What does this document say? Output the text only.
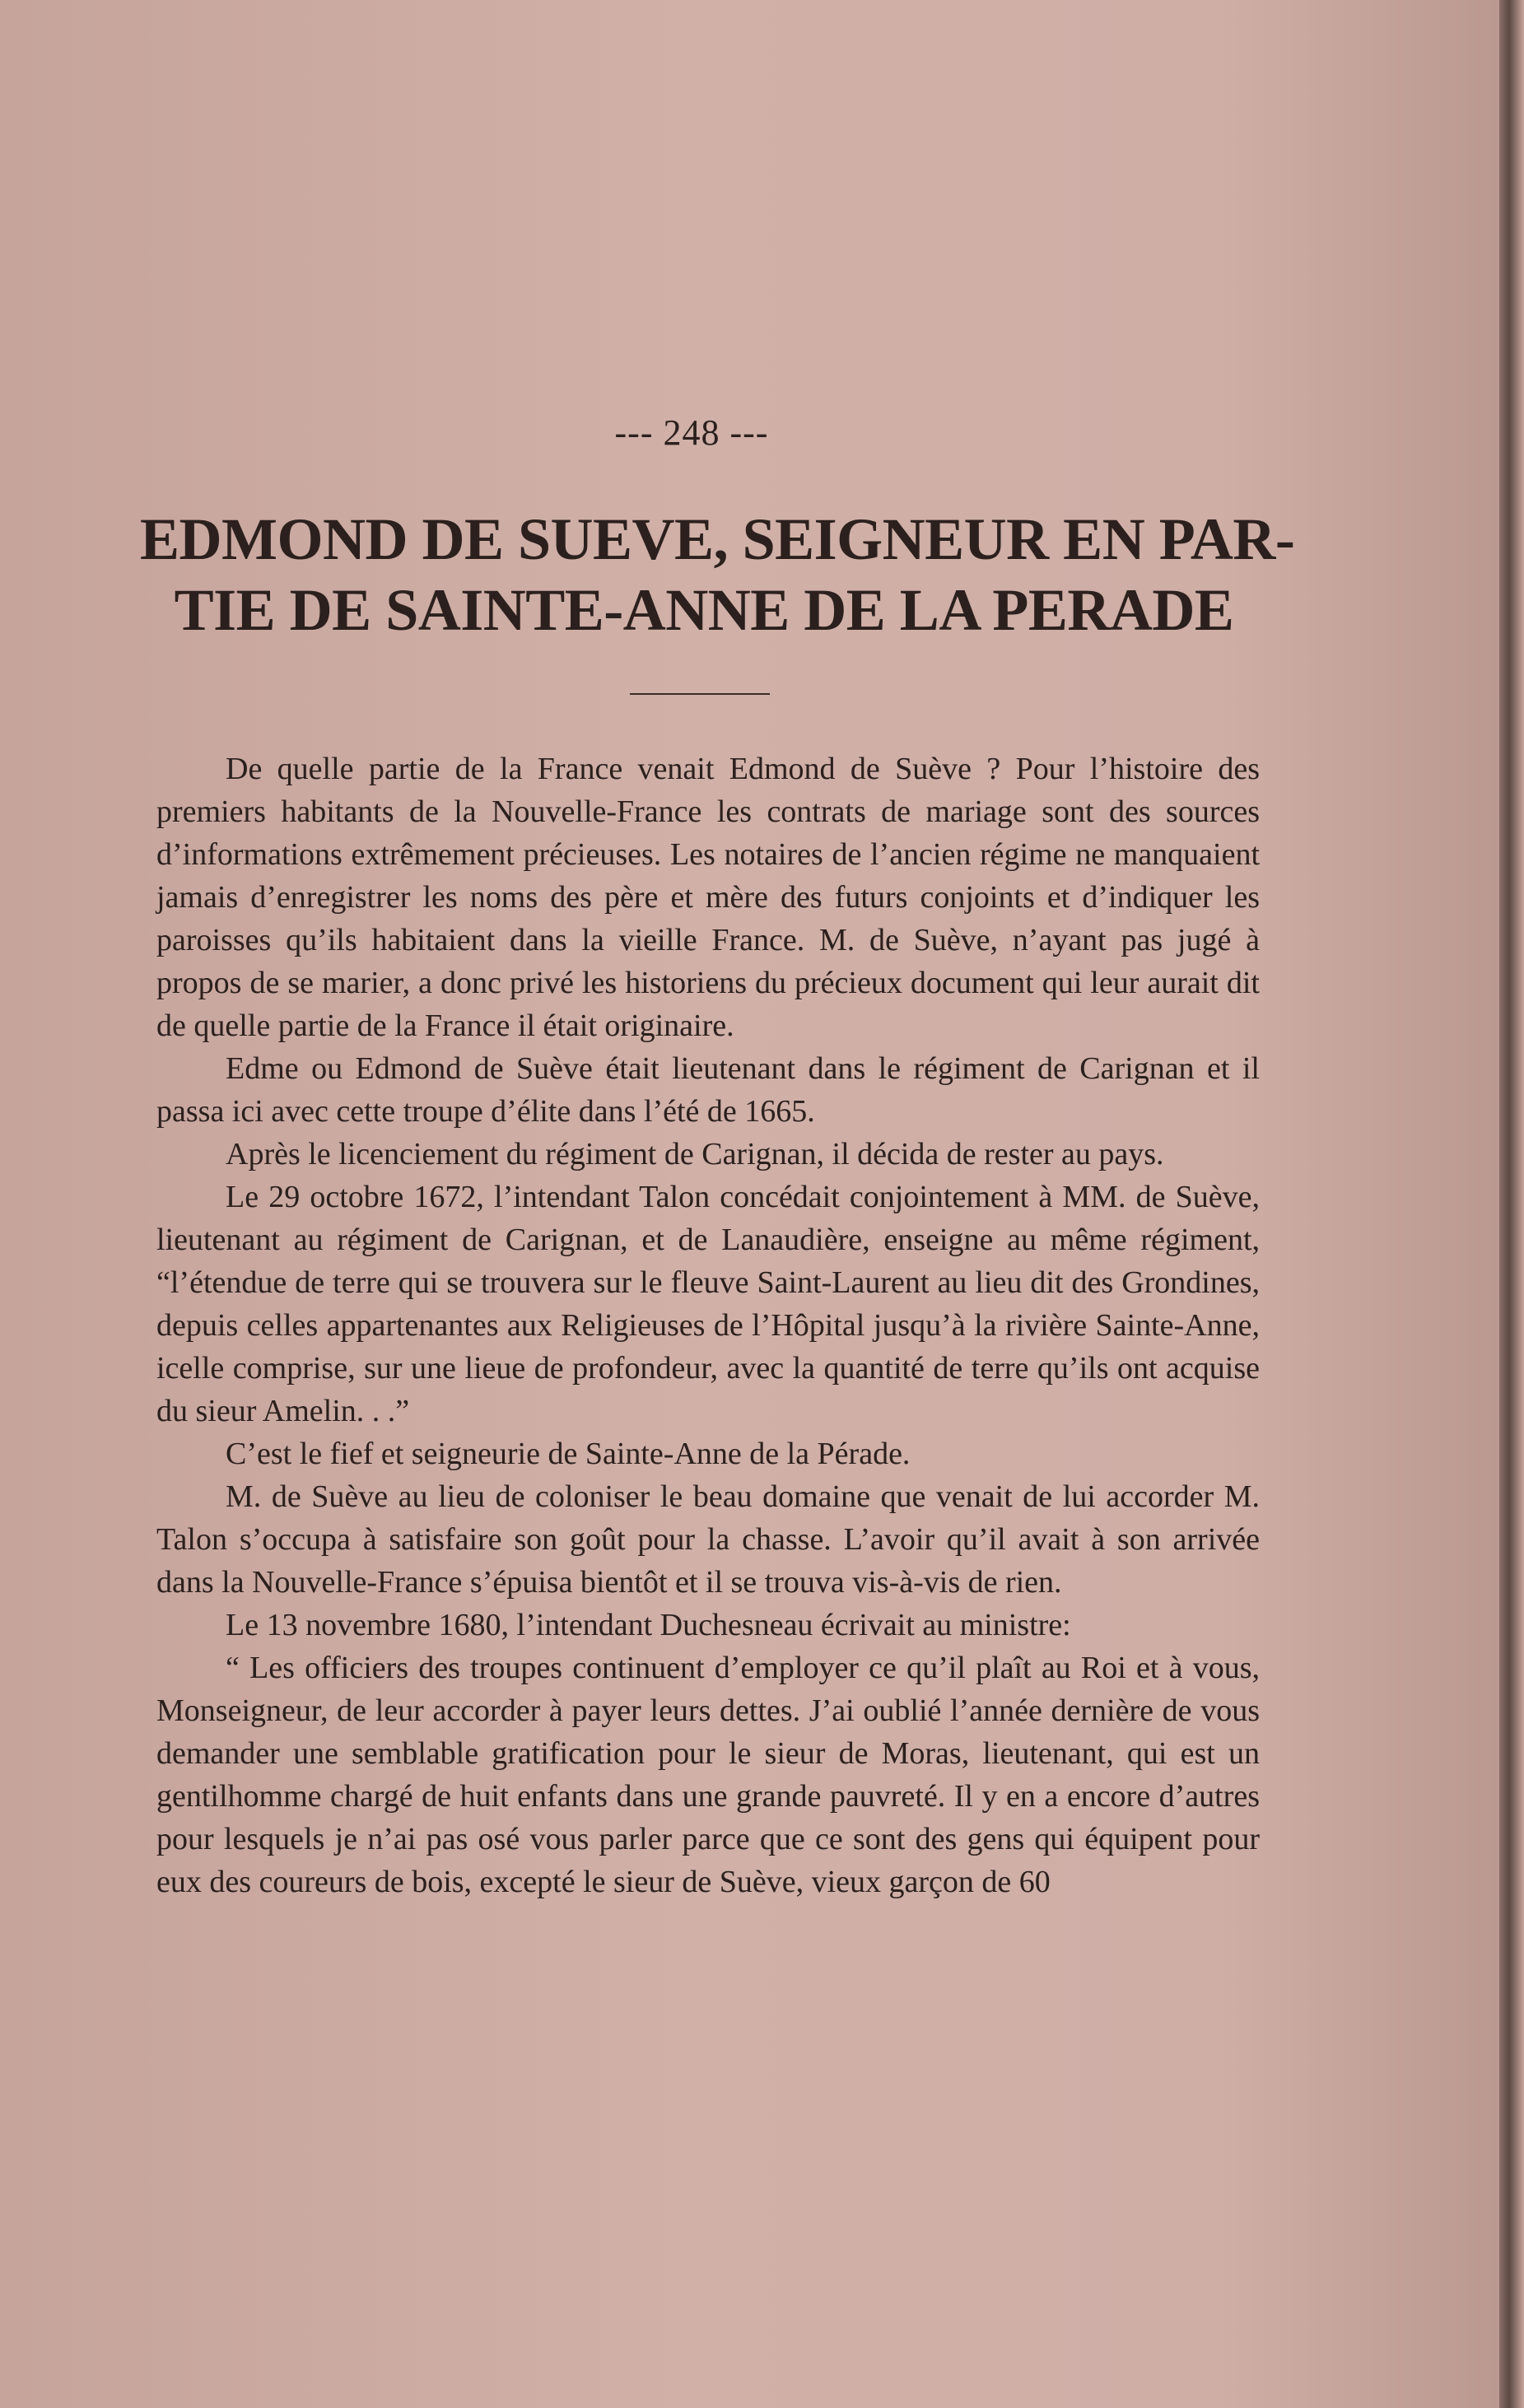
--- 248 ---
EDMOND DE SUEVE, SEIGNEUR EN PAR-
TIE DE SAINTE-ANNE DE LA PERADE

De quelle partie de la France venait Edmond de Suève ? Pour l’histoire des premiers habitants de la Nouvelle-France les contrats de mariage sont des sources d’informations extrêmement précieuses. Les notaires de l’ancien régime ne manquaient jamais d’enregistrer les noms des père et mère des futurs conjoints et d’indiquer les paroisses qu’ils habitaient dans la vieille France. M. de Suève, n’ayant pas jugé à propos de se marier, a donc privé les historiens du précieux document qui leur aurait dit de quelle partie de la France il était originaire.

Edme ou Edmond de Suève était lieutenant dans le régiment de Carignan et il passa ici avec cette troupe d’élite dans l’été de 1665.

Après le licenciement du régiment de Carignan, il décida de rester au pays.

Le 29 octobre 1672, l’intendant Talon concédait conjointement à MM. de Suève, lieutenant au régiment de Carignan, et de Lanaudière, enseigne au même régiment, “l’étendue de terre qui se trouvera sur le fleuve Saint-Laurent au lieu dit des Grondines, depuis celles appartenantes aux Religieuses de l’Hôpital jusqu’à la rivière Sainte-Anne, icelle comprise, sur une lieue de profondeur, avec la quantité de terre qu’ils ont acquise du sieur Amelin. . .”

C’est le fief et seigneurie de Sainte-Anne de la Pérade.

M. de Suève au lieu de coloniser le beau domaine que venait de lui accorder M. Talon s’occupa à satisfaire son goût pour la chasse. L’avoir qu’il avait à son arrivée dans la Nouvelle-France s’épuisa bientôt et il se trouva vis-à-vis de rien.

Le 13 novembre 1680, l’intendant Duchesneau écrivait au ministre:

“ Les officiers des troupes continuent d’employer ce qu’il plaît au Roi et à vous, Monseigneur, de leur accorder à payer leurs dettes. J’ai oublié l’année dernière de vous demander une semblable gratification pour le sieur de Moras, lieutenant, qui est un gentilhomme chargé de huit enfants dans une grande pauvreté. Il y en a encore d’autres pour lesquels je n’ai pas osé vous parler parce que ce sont des gens qui équipent pour eux des coureurs de bois, excepté le sieur de Suève, vieux garçon de 60
